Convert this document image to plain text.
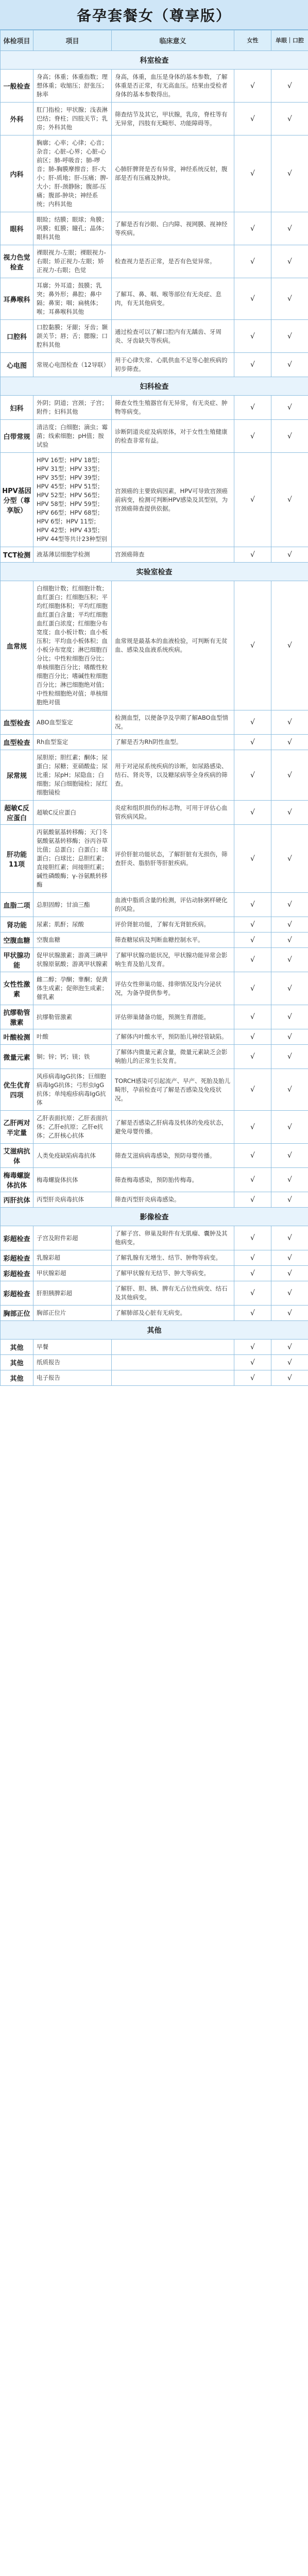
备孕套餐女（尊享版）
体检项目	项目	临床意义	女性	单眼｜口腔
科室检查				
一般检查	身高；体重；体重指数；理想体重；收缩压；舒张压；脉率	身高，体重，血压是身体的基本参数，了解体重是否正常，有无高血压。结果由受检者身体的基本参数得出。	√	√
外科	肛门指检；甲状腺；浅表淋巴结；脊柱；四肢关节；乳房；外科其他	筛查结节及其它，甲状腺，乳房，脊柱等有无异常，四肢有无畸形、功能障碍等。	√	√
内科	胸廓；心率；心律；心音；杂音；心脏-心界；心脏-心前区；肺-呼吸音；肺-啰音；肺-胸膜摩擦音；肝-大小；肝-质地；肝-压痛；脾-大小；肝-颈静脉；腹部-压痛；腹部-肿块；神经系统；内科其他	心肺肝脾肾是否有异常，神经系统反射，腹部是否有压痛及肿块。	√	√
眼科	眼睑；结膜；眼球；角膜；巩膜；虹膜；瞳孔；晶体；眼科其他	了解是否有沙眼、白内障、视网膜、视神经等疾病。	√	√
视力色觉检查	裸眼视力-左眼；裸眼视力-右眼；矫正视力-左眼；矫正视力-右眼；色觉	检查视力是否正常，是否有色觉异常。	√	√
耳鼻喉科	耳廓；外耳道；鼓膜；乳突；鼻外形；鼻腔；鼻中隔；鼻窦；咽；扁桃体；喉；耳鼻喉科其他	了解耳、鼻、咽、喉等部位有无炎症、息肉，有无其他病变。	√	√
口腔科	口腔黏膜；牙龈；牙齿；颞颌关节；唇；舌；腮腺；口腔科其他	通过检查可以了解口腔内有无龋齿、牙周炎、牙齿缺失等疾病。	√	√
心电图	常规心电图检查（12导联）	用于心律失常、心肌供血不足等心脏疾病的初步筛查。	√	√
妇科检查				
妇科	外阴；阴道；宫颈；子宫；附件；妇科其他	筛查女性生殖器官有无异常，有无炎症、肿物等病变。	√	√
白带常规	清洁度；白细胞；滴虫；霉菌；线索细胞；pH值；胺试验	诊断阴道炎症及病原体，对于女性生殖健康的检查非常有益。	√	√
HPV基因分型（尊享版）	HPV 16型；HPV 18型；HPV 31型；HPV 33型；HPV 35型；HPV 39型；HPV 45型；HPV 51型；HPV 52型；HPV 56型；HPV 58型；HPV 59型；HPV 66型；HPV 68型；HPV 6型；HPV 11型；HPV 42型；HPV 43型；HPV 44型等共计23种型别	宫颈癌的主要致病因素，HPV可导致宫颈癌前病变，检测可判断HPV感染及其型别，为宫颈癌筛查提供依据。	√	√
TCT检测	液基薄层细胞学检测	宫颈癌筛查	√	√
实验室检查				
血常规	白细胞计数；红细胞计数；血红蛋白；红细胞压积；平均红细胞体积；平均红细胞血红蛋白含量；平均红细胞血红蛋白浓度；红细胞分布宽度；血小板计数；血小板压积；平均血小板体积；血小板分布宽度；淋巴细胞百分比；中性粒细胞百分比；单核细胞百分比；嗜酸性粒细胞百分比；嗜碱性粒细胞百分比；淋巴细胞绝对值；中性粒细胞绝对值；单核细胞绝对值	血常规是最基本的血液检验，可判断有无贫血、感染及血液系统疾病。	√	√
血型检查	ABO血型鉴定	检测血型，以便备孕及孕期了解ABO血型情况。	√	√
血型检查	Rh血型鉴定	了解是否为Rh阴性血型。	√	√
尿常规	尿胆原；胆红素；酮体；尿蛋白；尿糖；亚硝酸盐；尿比重；尿pH；尿隐血；白细胞；尿白细胞镜检；尿红细胞镜检	用于对泌尿系统疾病的诊断，如尿路感染、结石、肾炎等，以及糖尿病等全身疾病的筛查。	√	√
超敏C反应蛋白	超敏C反应蛋白	炎症和组织损伤的标志物，可用于评估心血管疾病风险。	√	√
肝功能11项	丙氨酸氨基转移酶；天门冬氨酸氨基转移酶；谷丙谷草比值；总蛋白；白蛋白；球蛋白；白球比；总胆红素；直接胆红素；间接胆红素；碱性磷酸酶；γ-谷氨酰转移酶	评价肝脏功能状态，了解肝脏有无损伤，筛查肝炎、脂肪肝等肝脏疾病。	√	√
血脂二项	总胆固醇；甘油三酯	血液中脂质含量的检测，评估动脉粥样硬化的风险。	√	√
肾功能	尿素；肌酐；尿酸	评价肾脏功能，了解有无肾脏疾病。	√	√
空腹血糖	空腹血糖	筛查糖尿病及判断血糖控制水平。	√	√
甲状腺功能	促甲状腺激素；游离三碘甲状腺原氨酸；游离甲状腺素	了解甲状腺功能状况，甲状腺功能异常会影响生育及胎儿发育。	√	√
女性性激素	雌二醇；孕酮；睾酮；促黄体生成素；促卵泡生成素；催乳素	评估女性卵巢功能、排卵情况及内分泌状况，为备孕提供参考。	√	√
抗缪勒管激素	抗缪勒管激素	评估卵巢储备功能，预测生育潜能。	√	√
叶酸检测	叶酸	了解体内叶酸水平，预防胎儿神经管缺陷。	√	√
微量元素	铜；锌；钙；镁；铁	了解体内微量元素含量，微量元素缺乏会影响胎儿的正常生长发育。	√	√
优生优育四项	风疹病毒IgG抗体；巨细胞病毒IgG抗体；弓形虫IgG抗体；单纯疱疹病毒IgG抗体	TORCH感染可引起流产、早产、死胎及胎儿畸形，孕前检查可了解是否感染及免疫状况。	√	√
乙肝两对半定量	乙肝表面抗原；乙肝表面抗体；乙肝e抗原；乙肝e抗体；乙肝核心抗体	了解是否感染乙肝病毒及机体的免疫状态，避免母婴传播。	√	√
艾滋病抗体	人类免疫缺陷病毒抗体	筛查艾滋病病毒感染，预防母婴传播。	√	√
梅毒螺旋体抗体	梅毒螺旋体抗体	筛查梅毒感染，预防胎传梅毒。	√	√
丙肝抗体	丙型肝炎病毒抗体	筛查丙型肝炎病毒感染。	√	√
影像检查				
彩超检查	子宫及附件彩超	了解子宫、卵巢及附件有无肌瘤、囊肿及其他病变。	√	√
彩超检查	乳腺彩超	了解乳腺有无增生、结节、肿物等病变。	√	√
彩超检查	甲状腺彩超	了解甲状腺有无结节、肿大等病变。	√	√
彩超检查	肝胆胰脾彩超	了解肝、胆、胰、脾有无占位性病变、结石及其他病变。	√	√
胸部正位	胸部正位片	了解肺部及心脏有无病变。	√	√
其他				
其他	早餐		√	√
其他	纸质报告		√	√
其他	电子报告		√	√
